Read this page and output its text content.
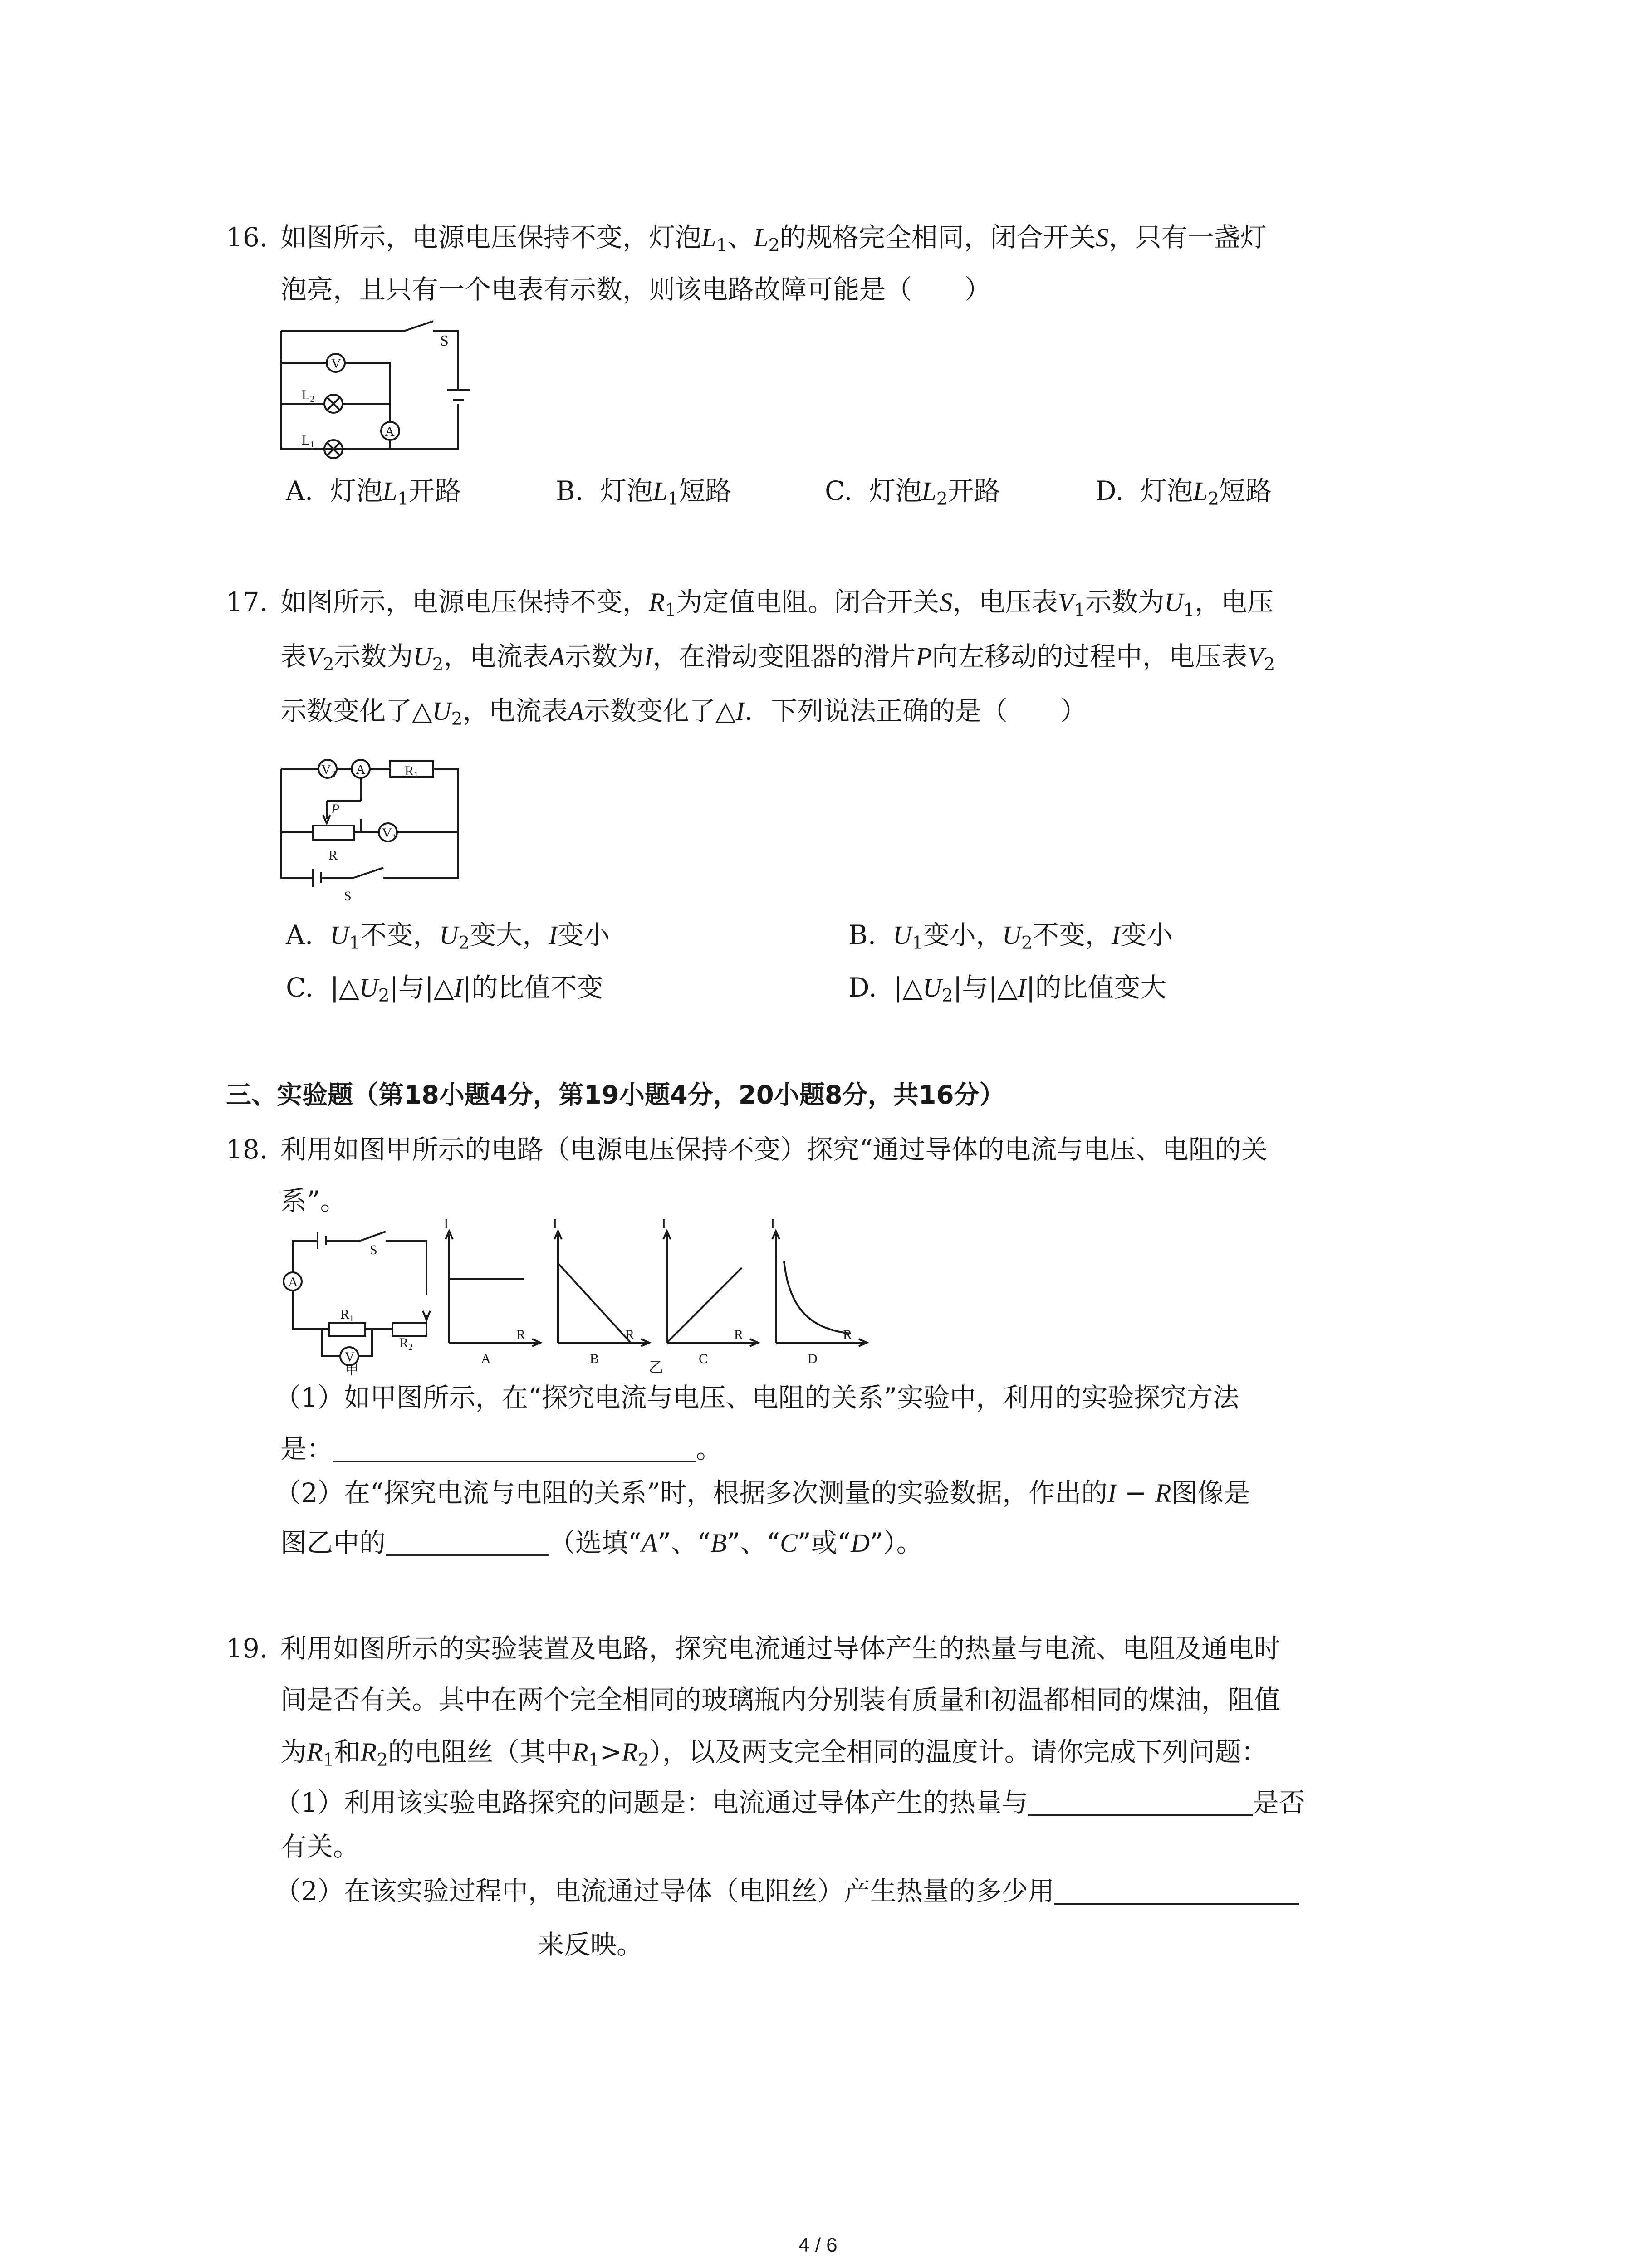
16. 如图所示，电源电压保持不变，灯泡$L_1$、$L_2$的规格完全相同，闭合开关S，只有一盏灯
泡亮，且只有一个电表有示数，则该电路故障可能是（　　）
S
V
A
$L_2$
$L_1$
A. 灯泡$L_1$开路	B. 灯泡$L_1$短路	C. 灯泡$L_2$开路	D. 灯泡$L_2$短路
17. 如图所示，电源电压保持不变，$R_1$为定值电阻。闭合开关S，电压表$V_1$示数为$U_1$，电压
表$V_2$示数为$U_2$，电流表A示数为I，在滑动变阻器的滑片P向左移动的过程中，电压表$V_2$
示数变化了$\triangle U_2$，电流表A示数变化了△I．下列说法正确的是（　　）
$V_2$ A	$R_1$
P
$V_1$
R
S
A. $U_1$不变，$U_2$变大，I变小	B. $U_1$变小，$U_2$不变，I变小
C. $|\triangle U_2|$与|△I|的比值不变	D. $|\triangle U_2|$与|△I|的比值变大
三、实验题（第18小题4分，第19小题4分，20小题8分，共16分）
18. 利用如图甲所示的电路（电源电压保持不变）探究“通过导体的电流与电压、电阻的关
系”。
A
V
S
$R_1$
$R_2$
甲
I
R
A
I
R
B
I
R
C
I
R
D
乙
（1）如甲图所示，在“探究电流与电压、电阻的关系”实验中，利用的实验探究方法
是：	。
（2）在“探究电流与电阻的关系”时，根据多次测量的实验数据，作出的I − R图像是
图乙中的	（选填“A”、“B”、“C”或“D”）。
19. 利用如图所示的实验装置及电路，探究电流通过导体产生的热量与电流、电阻及通电时
间是否有关。其中在两个完全相同的玻璃瓶内分别装有质量和初温都相同的煤油，阻值
为$R_1$和$R_2$的电阻丝（其中$R_1>R_2$），以及两支完全相同的温度计。请你完成下列问题：
（1）利用该实验电路探究的问题是：电流通过导体产生的热量与	是否
有关。
（2）在该实验过程中，电流通过导体（电阻丝）产生热量的多少用
来反映。
4 / 6
